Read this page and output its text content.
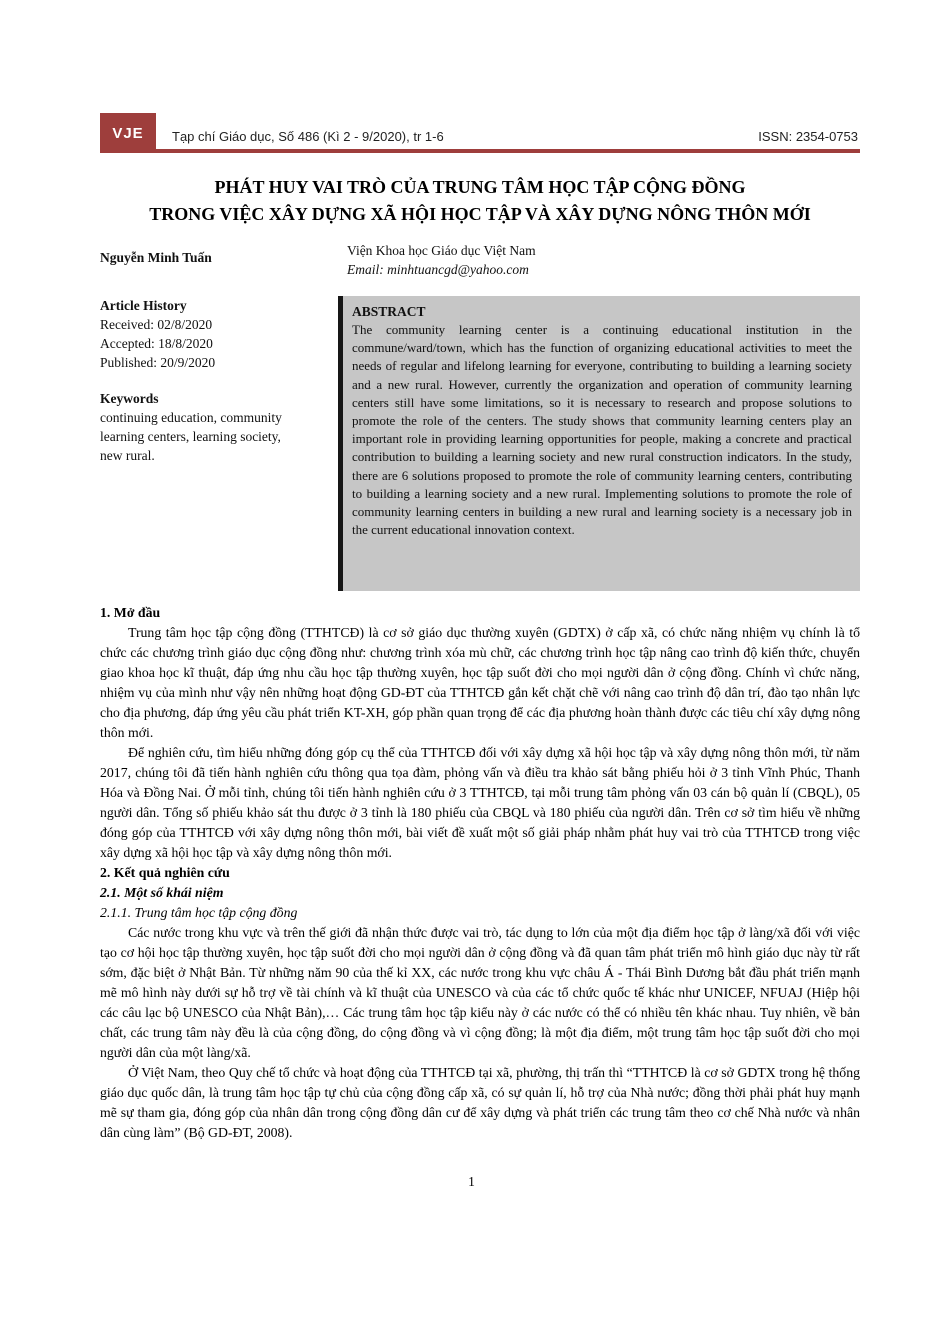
VJE	Tạp chí Giáo dục, Số 486 (Kì 2 - 9/2020), tr 1-6	ISSN: 2354-0753
PHÁT HUY VAI TRÒ CỦA TRUNG TÂM HỌC TẬP CỘNG ĐỒNG
TRONG VIỆC XÂY DỰNG XÃ HỘI HỌC TẬP VÀ XÂY DỰNG NÔNG THÔN MỚI
Nguyễn Minh Tuấn	Viện Khoa học Giáo dục Việt Nam
Email: minhtuancgd@yahoo.com
Article History
Received: 02/8/2020
Accepted: 18/8/2020
Published: 20/9/2020
Keywords
continuing education, community learning centers, learning society, new rural.
ABSTRACT
The community learning center is a continuing educational institution in the commune/ward/town, which has the function of organizing educational activities to meet the needs of regular and lifelong learning for everyone, contributing to building a learning society and a new rural. However, currently the organization and operation of community learning centers still have some limitations, so it is necessary to research and propose solutions to promote the role of the centers. The study shows that community learning centers play an important role in providing learning opportunities for people, making a concrete and practical contribution to building a learning society and new rural construction indicators. In the study, there are 6 solutions proposed to promote the role of community learning centers, contributing to building a learning society and a new rural. Implementing solutions to promote the role of community learning centers in building a new rural and learning society is a necessary job in the current educational innovation context.
1. Mở đầu

Trung tâm học tập cộng đồng (TTHTCĐ) là cơ sở giáo dục thường xuyên (GDTX) ở cấp xã, có chức năng nhiệm vụ chính là tổ chức các chương trình giáo dục cộng đồng như: chương trình xóa mù chữ, các chương trình học tập nâng cao trình độ kiến thức, chuyển giao khoa học kĩ thuật, đáp ứng nhu cầu học tập thường xuyên, học tập suốt đời cho mọi người dân ở cộng đồng. Chính vì chức năng, nhiệm vụ của mình như vậy nên những hoạt động GD-ĐT của TTHTCĐ gắn kết chặt chẽ với nâng cao trình độ dân trí, đào tạo nhân lực cho địa phương, đáp ứng yêu cầu phát triển KT-XH, góp phần quan trọng để các địa phương hoàn thành được các tiêu chí xây dựng nông thôn mới.

Để nghiên cứu, tìm hiểu những đóng góp cụ thể của TTHTCĐ đối với xây dựng xã hội học tập và xây dựng nông thôn mới, từ năm 2017, chúng tôi đã tiến hành nghiên cứu thông qua tọa đàm, phỏng vấn và điều tra khảo sát bằng phiếu hỏi ở 3 tỉnh Vĩnh Phúc, Thanh Hóa và Đồng Nai. Ở mỗi tỉnh, chúng tôi tiến hành nghiên cứu ở 3 TTHTCĐ, tại mỗi trung tâm phỏng vấn 03 cán bộ quản lí (CBQL), 05 người dân. Tổng số phiếu khảo sát thu được ở 3 tỉnh là 180 phiếu của CBQL và 180 phiếu của người dân. Trên cơ sở tìm hiểu về những đóng góp của TTHTCĐ với xây dựng nông thôn mới, bài viết đề xuất một số giải pháp nhằm phát huy vai trò của TTHTCĐ trong việc xây dựng xã hội học tập và xây dựng nông thôn mới.

2. Kết quả nghiên cứu
2.1. Một số khái niệm
2.1.1. Trung tâm học tập cộng đồng

Các nước trong khu vực và trên thế giới đã nhận thức được vai trò, tác dụng to lớn của một địa điểm học tập ở làng/xã đối với việc tạo cơ hội học tập thường xuyên, học tập suốt đời cho mọi người dân ở cộng đồng và đã quan tâm phát triển mô hình giáo dục này từ rất sớm, đặc biệt ở Nhật Bản. Từ những năm 90 của thế kỉ XX, các nước trong khu vực châu Á - Thái Bình Dương bắt đầu phát triển mạnh mẽ mô hình này dưới sự hỗ trợ về tài chính và kĩ thuật của UNESCO và của các tổ chức quốc tế khác như UNICEF, NFUAJ (Hiệp hội các câu lạc bộ UNESCO của Nhật Bản),… Các trung tâm học tập kiểu này ở các nước có thể có nhiều tên khác nhau. Tuy nhiên, về bản chất, các trung tâm này đều là của cộng đồng, do cộng đồng và vì cộng đồng; là một địa điểm, một trung tâm học tập suốt đời cho mọi người dân của một làng/xã.

Ở Việt Nam, theo Quy chế tổ chức và hoạt động của TTHTCĐ tại xã, phường, thị trấn thì “TTHTCĐ là cơ sở GDTX trong hệ thống giáo dục quốc dân, là trung tâm học tập tự chủ của cộng đồng cấp xã, có sự quản lí, hỗ trợ của Nhà nước; đồng thời phải phát huy mạnh mẽ sự tham gia, đóng góp của nhân dân trong cộng đồng dân cư để xây dựng và phát triển các trung tâm theo cơ chế Nhà nước và nhân dân cùng làm” (Bộ GD-ĐT, 2008).

1
